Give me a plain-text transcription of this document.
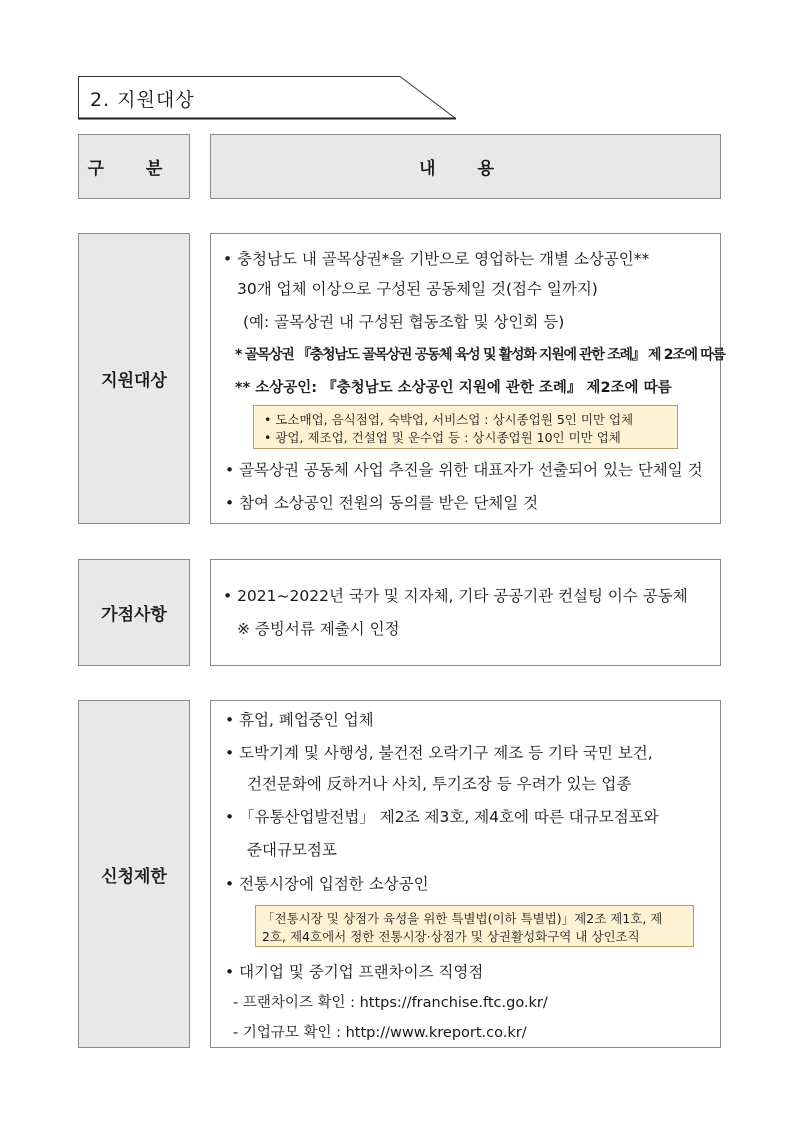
2. 지원대상
구 분	내 용
지원대상
• 충청남도 내 골목상권*을 기반으로 영업하는 개별 소상공인**
30개 업체 이상으로 구성된 공동체일 것(접수 일까지)
(예: 골목상권 내 구성된 협동조합 및 상인회 등)
* 골목상권 『충청남도 골목상권 공동체 육성 및 활성화 지원에 관한 조례』 제 2조에 따름
** 소상공인: 『충청남도 소상공인 지원에 관한 조례』 제2조에 따름
• 도소매업, 음식점업, 숙박업, 서비스업 : 상시종업원 5인 미만 업체
• 광업, 제조업, 건설업 및 운수업 등 : 상시종업원 10인 미만 업체
• 골목상권 공동체 사업 추진을 위한 대표자가 선출되어 있는 단체일 것
• 참여 소상공인 전원의 동의를 받은 단체일 것
가점사항
• 2021~2022년 국가 및 지자체, 기타 공공기관 컨설팅 이수 공동체
※ 증빙서류 제출시 인정
신청제한
• 휴업, 폐업중인 업체
• 도박기계 및 사행성, 불건전 오락기구 제조 등 기타 국민 보건,
건전문화에 反하거나 사치, 투기조장 등 우려가 있는 업종
• 「유통산업발전법」 제2조 제3호, 제4호에 따른 대규모점포와
준대규모점포
• 전통시장에 입점한 소상공인
「전통시장 및 상점가 육성을 위한 특별법(이하 특별법)」제2조 제1호, 제
2호, 제4호에서 정한 전통시장·상점가 및 상권활성화구역 내 상인조직
• 대기업 및 중기업 프랜차이즈 직영점
- 프랜차이즈 확인 : https://franchise.ftc.go.kr/
- 기업규모 확인 : http://www.kreport.co.kr/
